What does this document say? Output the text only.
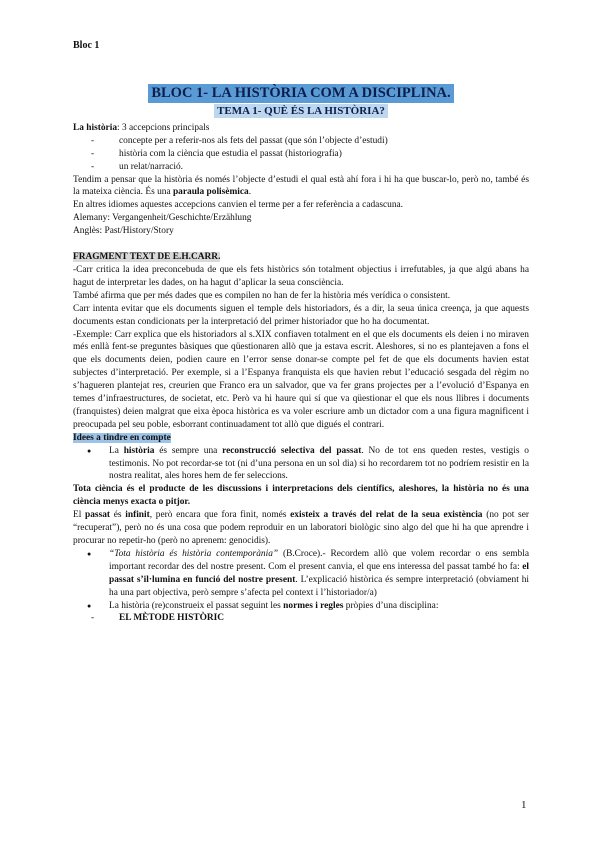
Bloc 1
BLOC 1- LA HISTÒRIA COM A DISCIPLINA.
TEMA 1- QUÈ ÉS LA HISTÒRIA?

La història: 3 accepcions principals

- concepte per a referir-nos als fets del passat (que són l’objecte d’estudi)
- història com la ciència que estudia el passat (historiografia)
- un relat/narració.

Tendim a pensar que la història és només l’objecte d’estudi el qual està ahí fora i hi ha que buscar-lo, però no, també és la mateixa ciència. És una paraula polisèmica.

En altres idiomes aquestes accepcions canvien el terme per a fer referència a cadascuna.

Alemany: Vergangenheit/Geschichte/Erzählung

Anglès: Past/History/Story

FRAGMENT TEXT DE E.H.CARR.

-Carr critica la idea preconcebuda de que els fets històrics són totalment objectius i irrefutables, ja que algú abans ha hagut de interpretar les dades, on ha hagut d’aplicar la seua consciència.

També afirma que per més dades que es compilen no han de fer la història més verídica o consistent.

Carr intenta evitar que els documents siguen el temple dels historiadors, és a dir, la seua única creença, ja que aquests documents estan condicionats per la interpretació del primer historiador que ho ha documentat.

-Exemple: Carr explica que els historiadors al s.XIX confiaven totalment en el que els documents els deien i no miraven més enllà fent-se preguntes bàsiques que qüestionaren allò que ja estava escrit. Aleshores, si no es plantejaven a fons el que els documents deien, podien caure en l’error sense donar-se compte pel fet de que els documents havien estat subjectes d’interpretació. Per exemple, si a l’Espanya franquista els que havien rebut l’educació sesgada del règim no s’hagueren plantejat res, creurien que Franco era un salvador, que va fer grans projectes per a l’evolució d’Espanya en temes d’infraestructures, de societat, etc. Però va hi haure qui sí que va qüestionar el que els nous llibres i documents (franquistes) deien malgrat que eixa època històrica es va voler escriure amb un dictador com a una figura magnificent i preocupada pel seu poble, esborrant continuadament tot allò que digués el contrari.

Idees a tindre en compte

● La història és sempre una reconstrucció selectiva del passat. No de tot ens queden restes, vestigis o testimonis. No pot recordar-se tot (ni d’una persona en un sol dia) si ho recordarem tot no podríem resistir en la nostra realitat, ales hores hem de fer seleccions.

Tota ciència és el producte de les discussions i interpretacions dels científics, aleshores, la història no és una ciència menys exacta o pitjor.

El passat és infinit, però encara que fora finit, només existeix a través del relat de la seua existència (no pot ser “recuperat”), però no és una cosa que podem reproduir en un laboratori biològic sino algo del que hi ha que aprendre i procurar no repetir-ho (però no aprenem: genocidis).

● “Tota història és història contemporània” (B.Croce).- Recordem allò que volem recordar o ens sembla important recordar des del nostre present. Com el present canvia, el que ens interessa del passat també ho fa: el passat s’il·lumina en funció del nostre present. L’explicació històrica és sempre interpretació (obviament hi ha una part objectiva, però sempre s’afecta pel context i l’historiador/a)
● La història (re)construeix el passat seguint les normes i regles pròpies d’una disciplina:
- EL MÈTODE HISTÒRIC
1
